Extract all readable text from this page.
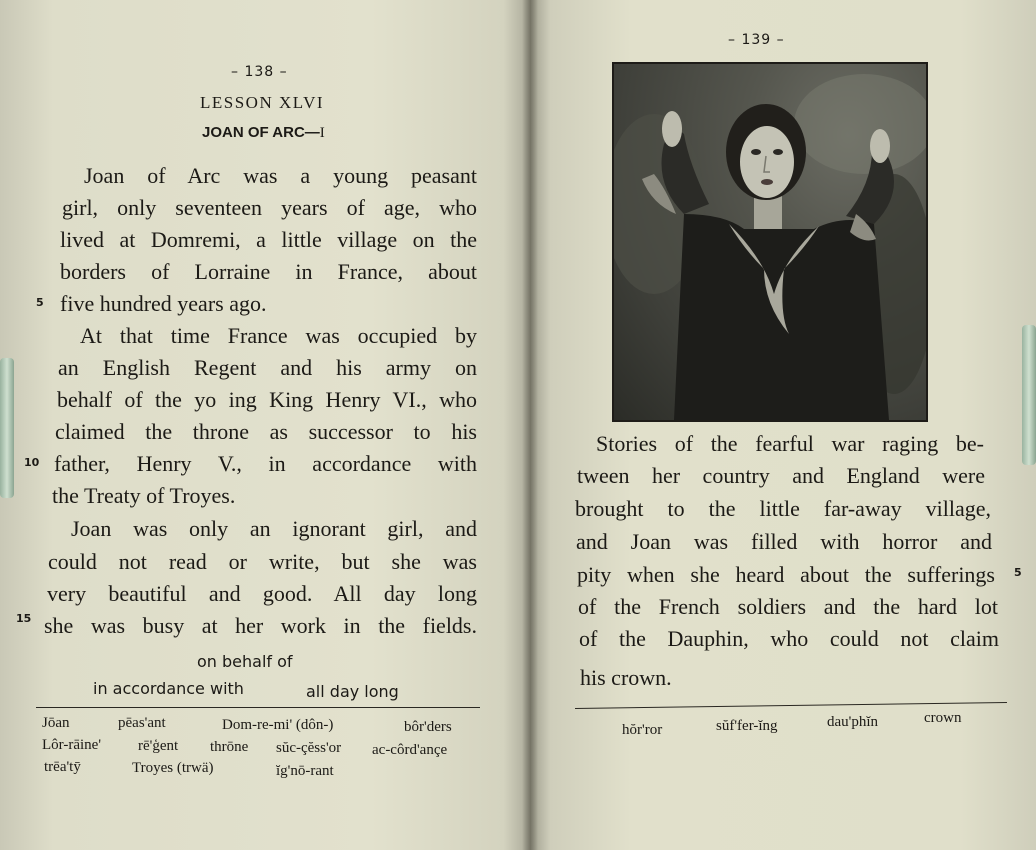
– 138 –
LESSON XLVI
JOAN OF ARC—I
Joan of Arc was a young peasant
girl, only seventeen years of age, who
lived at Domremi, a little village on the
borders of Lorraine in France, about
5 five hundred years ago.
At that time France was occupied by
an English Regent and his army on
behalf of the yo ing King Henry VI., who
claimed the throne as successor to his
10 father, Henry V., in accordance with
the Treaty of Troyes.
Joan was only an ignorant girl, and
could not read or write, but she was
very beautiful and good. All day long
15 she was busy at her work in the fields.
on behalf of
in accordance with	all day long
Jōan	pēas'ant	Dom-re-mi' (dôn-)	bôr'ders
Lôr-rāine' rē'ģent thrōne sŭc-çĕss'or ac-côrd'ançe
trēa'tȳ	Troyes (trwä)	ĭg'nō-rant
– 139 –
Stories of the fearful war raging be-
tween her country and England were
brought to the little far-away village,
and Joan was filled with horror and
pity when she heard about the sufferings 5
of the French soldiers and the hard lot
of the Dauphin, who could not claim
his crown.
hŏr'ror	sŭf'fer-ĭng	dau'phĭn	crown
